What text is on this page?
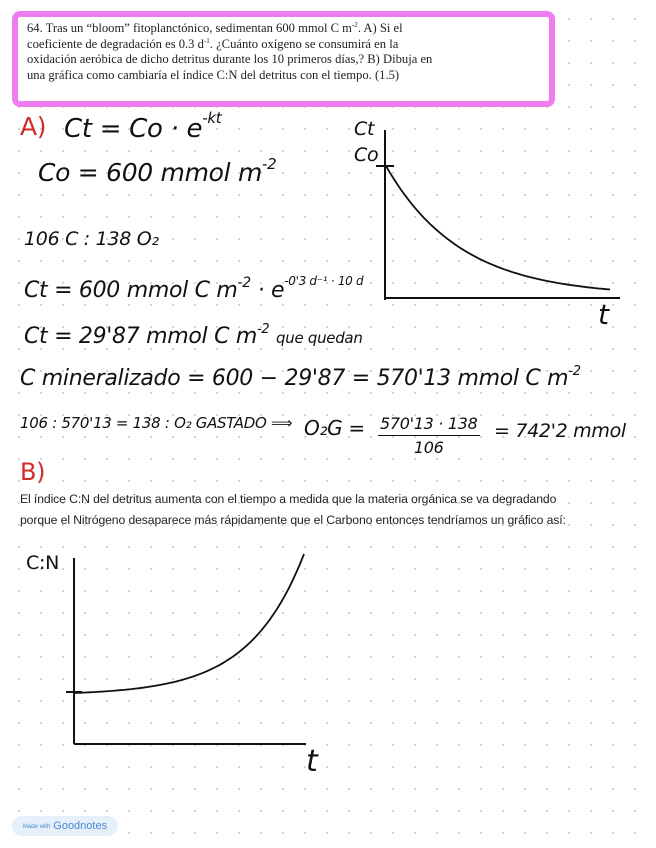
64. Tras un “bloom” fitoplanctónico, sedimentan 600 mmol C $m^{-2}$. A) Si el
coeficiente de degradación es 0.3 $d^{-1}$. ¿Cuánto oxígeno se consumirá en la
oxidación aeróbica de dicho detritus durante los 10 primeros días,? B) Dibuja en
una gráfica como cambiaría el índice C:N del detritus con el tiempo. (1.5)

A) $Ct = Co \cdot e^{-kt}$
Co = 600 mmol $m^{-2}$
106 C : 138 O₂
Ct = 600 mmol C $m^{-2} \cdot e^{-0'3 d^{-1} \cdot 10 d}$
Ct = 29'87 mmol C $m^{-2}$ que quedan
C mineralizado = 600 − 29'87 = 570'13 mmol C $m^{-2}$
106 : 570'13 = 138 : O₂ GASTADO ⟹ $O_2G = \frac{570'13 \cdot 138}{106} = 742'2$ mmol
Ct
Co
t
B)
El índice C:N del detritus aumenta con el tiempo a medida que la materia orgánica se va degradando
porque el Nitrógeno desaparece más rápidamente que el Carbono entonces tendríamos un gráfico así:
C:N
t
Made with Goodnotes
